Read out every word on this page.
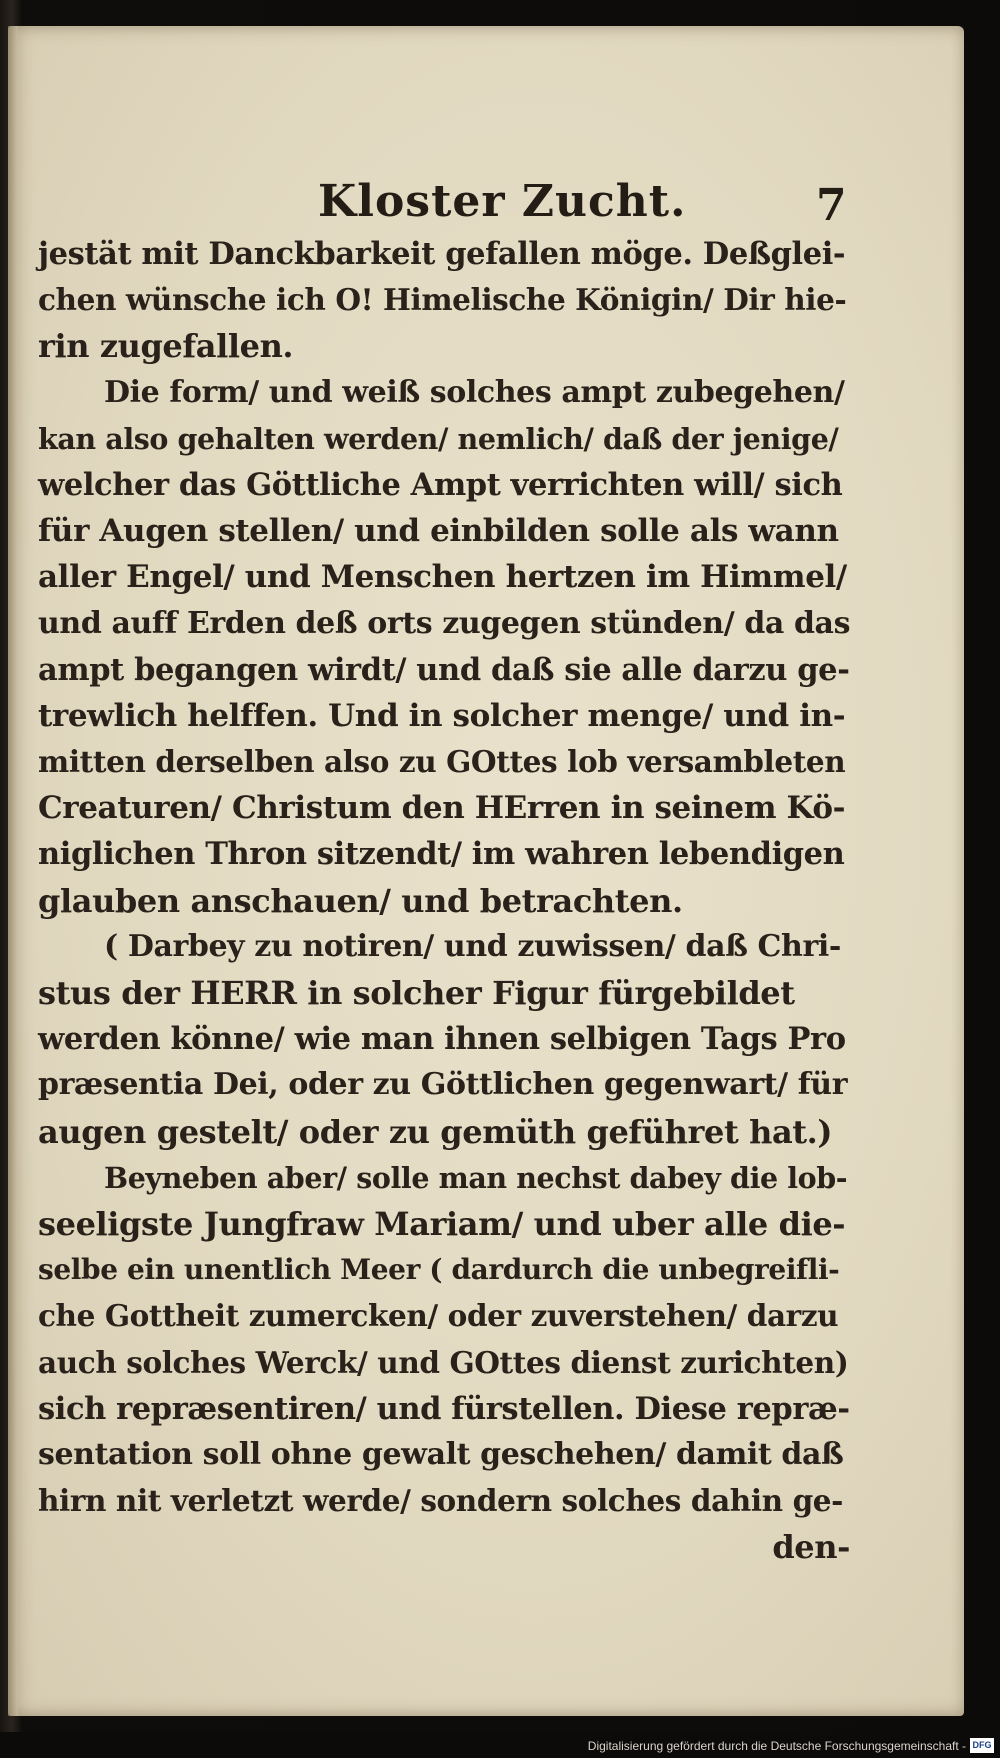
Kloster Zucht.	7
jestät mit Danckbarkeit gefallen möge. Deßglei-
chen wünsche ich O! Himelische Königin/ Dir hie-
rin zugefallen.
Die form/ und weiß solches ampt zubegehen/
kan also gehalten werden/ nemlich/ daß der jenige/
welcher das Göttliche Ampt verrichten will/ sich
für Augen stellen/ und einbilden solle als wann
aller Engel/ und Menschen hertzen im Himmel/
und auff Erden deß orts zugegen stünden/ da das
ampt begangen wirdt/ und daß sie alle darzu ge-
trewlich helffen. Und in solcher menge/ und in-
mitten derselben also zu GOttes lob versambleten
Creaturen/ Christum den HErren in seinem Kö-
niglichen Thron sitzendt/ im wahren lebendigen
glauben anschauen/ und betrachten.
( Darbey zu notiren/ und zuwissen/ daß Chri-
stus der HERR in solcher Figur fürgebildet
werden könne/ wie man ihnen selbigen Tags Pro
præsentia Dei, oder zu Göttlichen gegenwart/ für
augen gestelt/ oder zu gemüth geführet hat.)
Beyneben aber/ solle man nechst dabey die lob-
seeligste Jungfraw Mariam/ und uber alle die-
selbe ein unentlich Meer ( dardurch die unbegreifli-
che Gottheit zumercken/ oder zuverstehen/ darzu
auch solches Werck/ und GOttes dienst zurichten)
sich repræsentiren/ und fürstellen. Diese repræ-
sentation soll ohne gewalt geschehen/ damit daß
hirn nit verletzt werde/ sondern solches dahin ge-
den-
Digitalisierung gefördert durch die Deutsche Forschungsgemeinschaft - DFG
